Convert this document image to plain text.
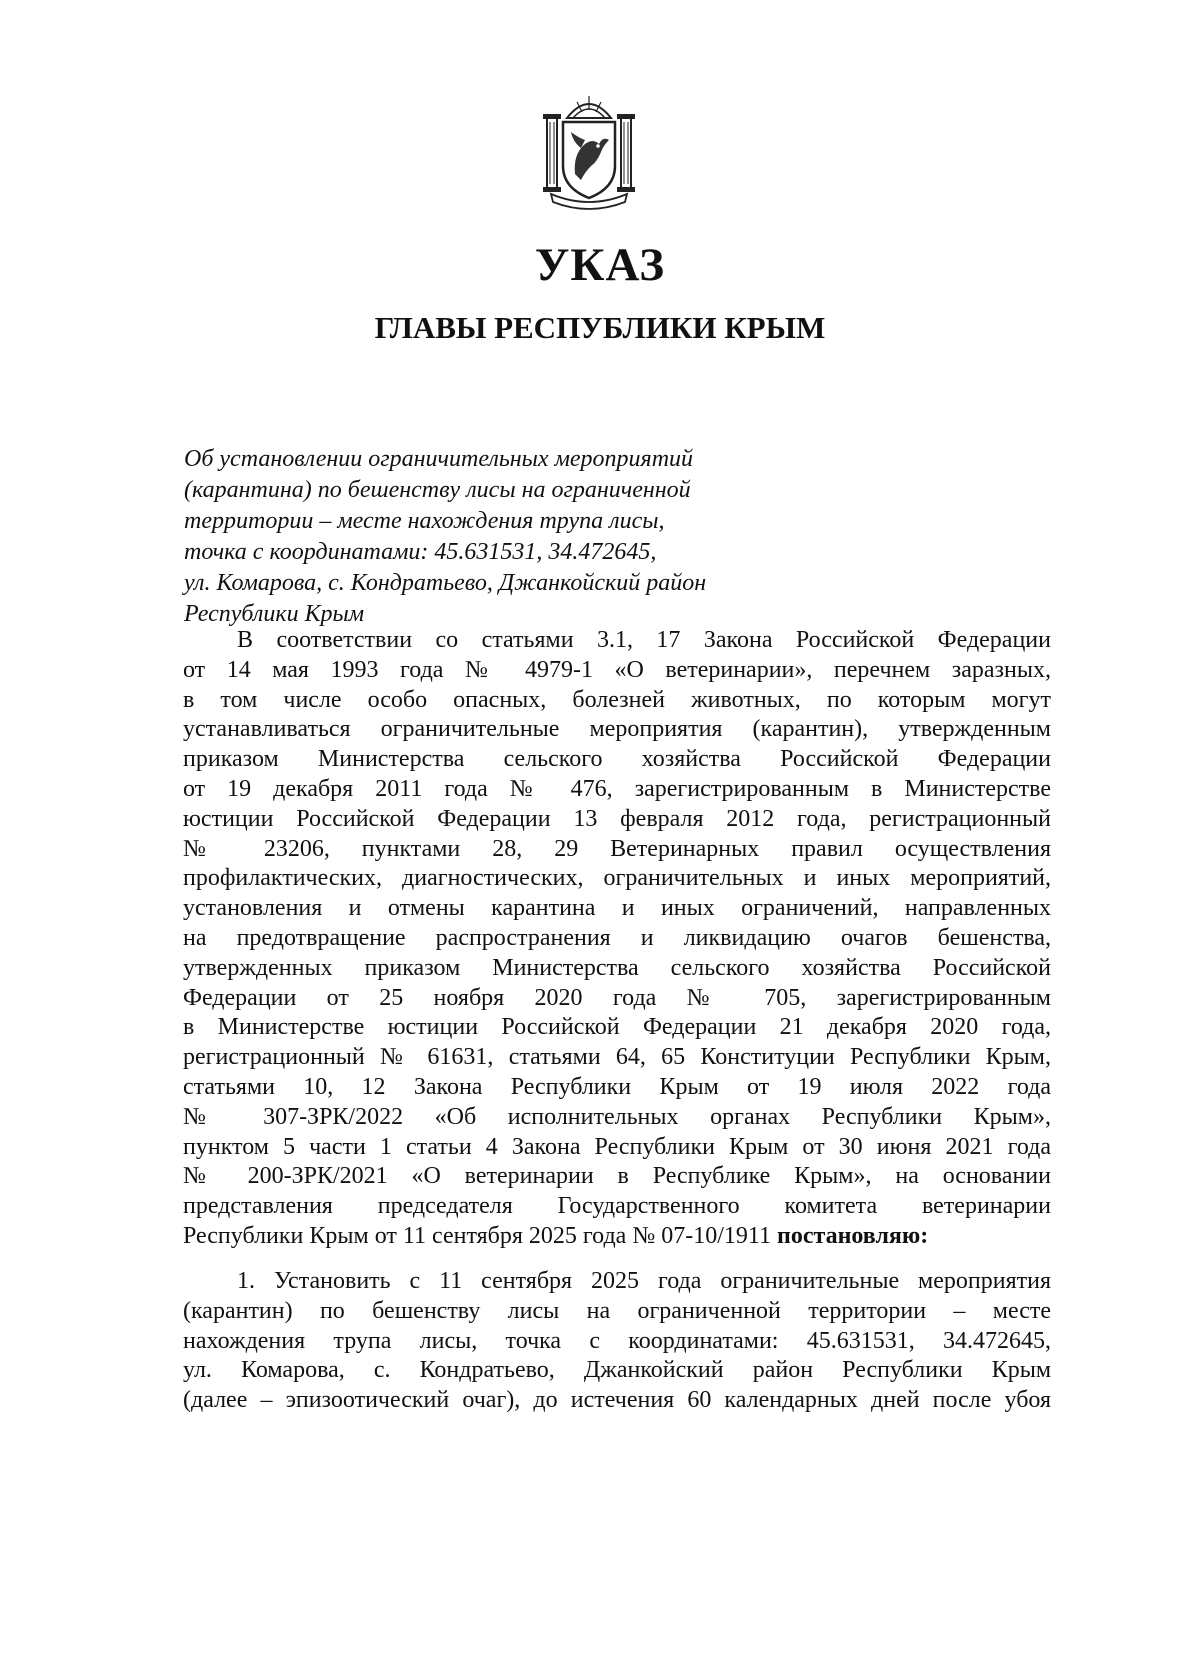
УКАЗ
ГЛАВЫ РЕСПУБЛИКИ КРЫМ
Об установлении ограничительных мероприятий
(карантина) по бешенству лисы на ограниченной
территории – месте нахождения трупа лисы,
точка с координатами: 45.631531, 34.472645,
ул. Комарова, с. Кондратьево, Джанкойский район
Республики Крым
В соответствии со статьями 3.1, 17 Закона Российской Федерации
от 14 мая 1993 года № 4979-1 «О ветеринарии», перечнем заразных,
в том числе особо опасных, болезней животных, по которым могут
устанавливаться ограничительные мероприятия (карантин), утвержденным
приказом Министерства сельского хозяйства Российской Федерации
от 19 декабря 2011 года № 476, зарегистрированным в Министерстве
юстиции Российской Федерации 13 февраля 2012 года, регистрационный
№ 23206, пунктами 28, 29 Ветеринарных правил осуществления
профилактических, диагностических, ограничительных и иных мероприятий,
установления и отмены карантина и иных ограничений, направленных
на предотвращение распространения и ликвидацию очагов бешенства,
утвержденных приказом Министерства сельского хозяйства Российской
Федерации от 25 ноября 2020 года № 705, зарегистрированным
в Министерстве юстиции Российской Федерации 21 декабря 2020 года,
регистрационный № 61631, статьями 64, 65 Конституции Республики Крым,
статьями 10, 12 Закона Республики Крым от 19 июля 2022 года
№ 307-ЗРК/2022 «Об исполнительных органах Республики Крым»,
пунктом 5 части 1 статьи 4 Закона Республики Крым от 30 июня 2021 года
№ 200-ЗРК/2021 «О ветеринарии в Республике Крым», на основании
представления председателя Государственного комитета ветеринарии
Республики Крым от 11 сентября 2025 года № 07-10/1911 постановляю:
1. Установить с 11 сентября 2025 года ограничительные мероприятия
(карантин) по бешенству лисы на ограниченной территории – месте
нахождения трупа лисы, точка с координатами: 45.631531, 34.472645,
ул. Комарова, с. Кондратьево, Джанкойский район Республики Крым
(далее – эпизоотический очаг), до истечения 60 календарных дней после убоя
